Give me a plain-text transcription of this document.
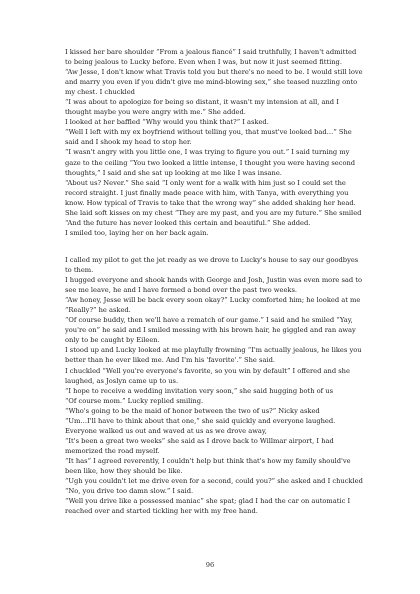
I kissed her bare shoulder “From a jealous fiancé” I said truthfully, I haven't admitted to being jealous to Lucky before. Even when I was, but now it just seemed fitting.

“Aw Jesse, I don't know what Travis told you but there's no need to be. I would still love and marry you even if you didn't give me mind-blowing sex,” she teased nuzzling onto my chest. I chuckled

“I was about to apologize for being so distant, it wasn't my intension at all, and I thought maybe you were angry with me.” She added.

I looked at her baffled “Why would you think that?” I asked.

“Well I left with my ex boyfriend without telling you, that must've looked bad…” She said and I shook my head to stop her.

“I wasn't angry with you little one, I was trying to figure you out.” I said turning my gaze to the ceiling “You two looked a little intense, I thought you were having second thoughts,” I said and she sat up looking at me like I was insane.

“About us? Never.” She said “I only went for a walk with him just so I could set the record straight. I just finally made peace with him, with Tanya, with everything you know. How typical of Travis to take that the wrong way” she added shaking her head.

She laid soft kisses on my chest “They are my past, and you are my future.” She smiled “And the future has never looked this certain and beautiful.” She added.

I smiled too, laying her on her back again.

I called my pilot to get the jet ready as we drove to Lucky's house to say our goodbyes to them.

I hugged everyone and shook hands with George and Josh, Justin was even more sad to see me leave, he and I have formed a bond over the past two weeks.

“Aw honey, Jesse will be back every soon okay?” Lucky comforted him; he looked at me “Really?” he asked.

“Of course buddy, then we'll have a rematch of our game.” I said and he smiled “Yay, you're on” he said and I smiled messing with his brown hair, he giggled and ran away only to be caught by Eileen.

I stood up and Lucky looked at me playfully frowning “I'm actually jealous, he likes you better than he ever liked me. And I'm his 'favorite'.” She said.

I chuckled “Well you're everyone's favorite, so you win by default” I offered and she laughed, as Joslyn came up to us.

“I hope to receive a wedding invitation very soon,” she said hugging both of us

“Of course mom.” Lucky replied smiling.

“Who's going to be the maid of honor between the two of us?” Nicky asked

“Um…I'll have to think about that one,” she said quickly and everyone laughed. Everyone walked us out and waved at us as we drove away,

“It's been a great two weeks” she said as I drove back to Willmar airport, I had memorized the road myself.

“It has” I agreed reverently, I couldn't help but think that's how my family should've been like, how they should be like.

“Ugh you couldn't let me drive even for a second, could you?” she asked and I chuckled “No, you drive too damn slow.” I said.

“Well you drive like a possessed maniac” she spat; glad I had the car on automatic I reached over and started tickling her with my free hand.

96
